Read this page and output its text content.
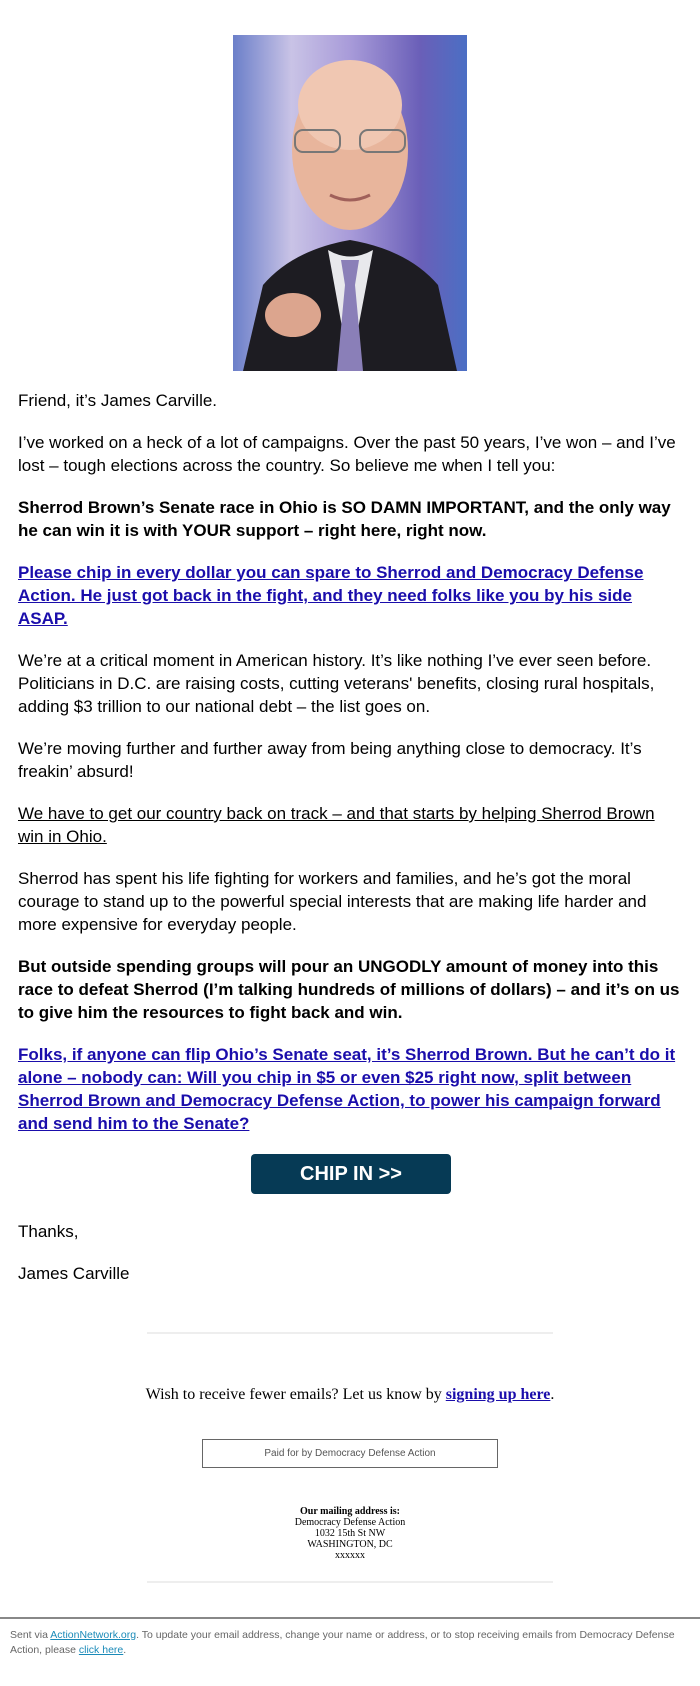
Friend, it’s James Carville.

I’ve worked on a heck of a lot of campaigns. Over the past 50 years, I’ve won – and I’ve lost – tough elections across the country. So believe me when I tell you:

Sherrod Brown’s Senate race in Ohio is SO DAMN IMPORTANT, and the only way he can win it is with YOUR support – right here, right now.

Please chip in every dollar you can spare to Sherrod and Democracy Defense Action. He just got back in the fight, and they need folks like you by his side ASAP.

We’re at a critical moment in American history. It’s like nothing I’ve ever seen before. Politicians in D.C. are raising costs, cutting veterans' benefits, closing rural hospitals, adding $3 trillion to our national debt – the list goes on.

We’re moving further and further away from being anything close to democracy. It’s freakin’ absurd!

We have to get our country back on track – and that starts by helping Sherrod Brown win in Ohio.

Sherrod has spent his life fighting for workers and families, and he’s got the moral courage to stand up to the powerful special interests that are making life harder and more expensive for everyday people.

But outside spending groups will pour an UNGODLY amount of money into this race to defeat Sherrod (I’m talking hundreds of millions of dollars) – and it’s on us to give him the resources to fight back and win.

Folks, if anyone can flip Ohio’s Senate seat, it’s Sherrod Brown. But he can’t do it alone – nobody can: Will you chip in $5 or even $25 right now, split between Sherrod Brown and Democracy Defense Action, to power his campaign forward and send him to the Senate?

CHIP IN >>

Thanks,

James Carville

Wish to receive fewer emails? Let us know by signing up here.
Paid for by Democracy Defense Action
Our mailing address is:
Democracy Defense Action
1032 15th St NW
WASHINGTON, DC
xxxxxx
Sent via ActionNetwork.org. To update your email address, change your name or address, or to stop receiving emails from Democracy Defense Action, please click here.
